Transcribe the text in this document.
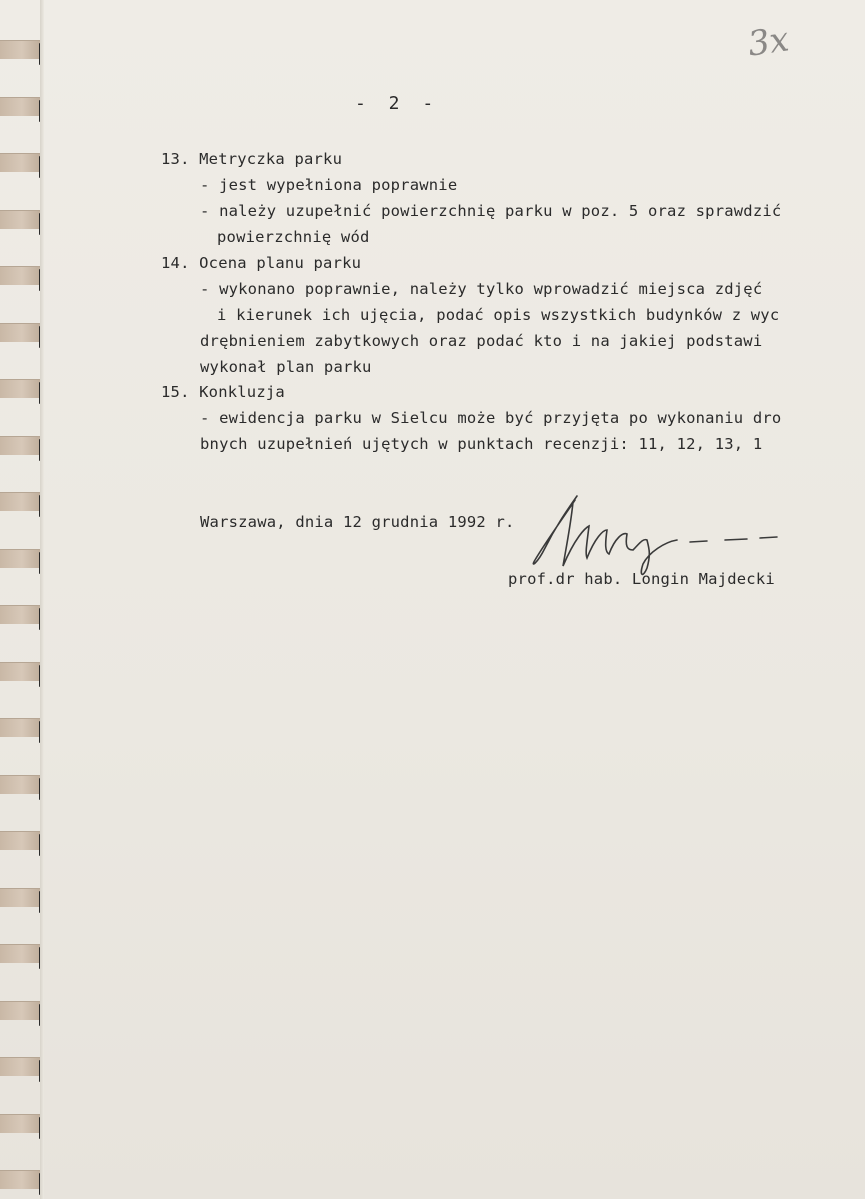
3x
- 2 -
13. Metryczka parku
- jest wypełniona poprawnie
- należy uzupełnić powierzchnię parku w poz. 5 oraz sprawdzić
powierzchnię wód
14. Ocena planu parku
- wykonano poprawnie, należy tylko wprowadzić miejsca zdjęć
i kierunek ich ujęcia, podać opis wszystkich budynków z wyc
drębnieniem zabytkowych oraz podać kto i na jakiej podstawi
wykonał plan parku
15. Konkluzja
- ewidencja parku w Sielcu może być przyjęta po wykonaniu dro
bnych uzupełnień ujętych w punktach recenzji: 11, 12, 13, 1
Warszawa, dnia 12 grudnia 1992 r.
prof.dr hab. Longin Majdecki
